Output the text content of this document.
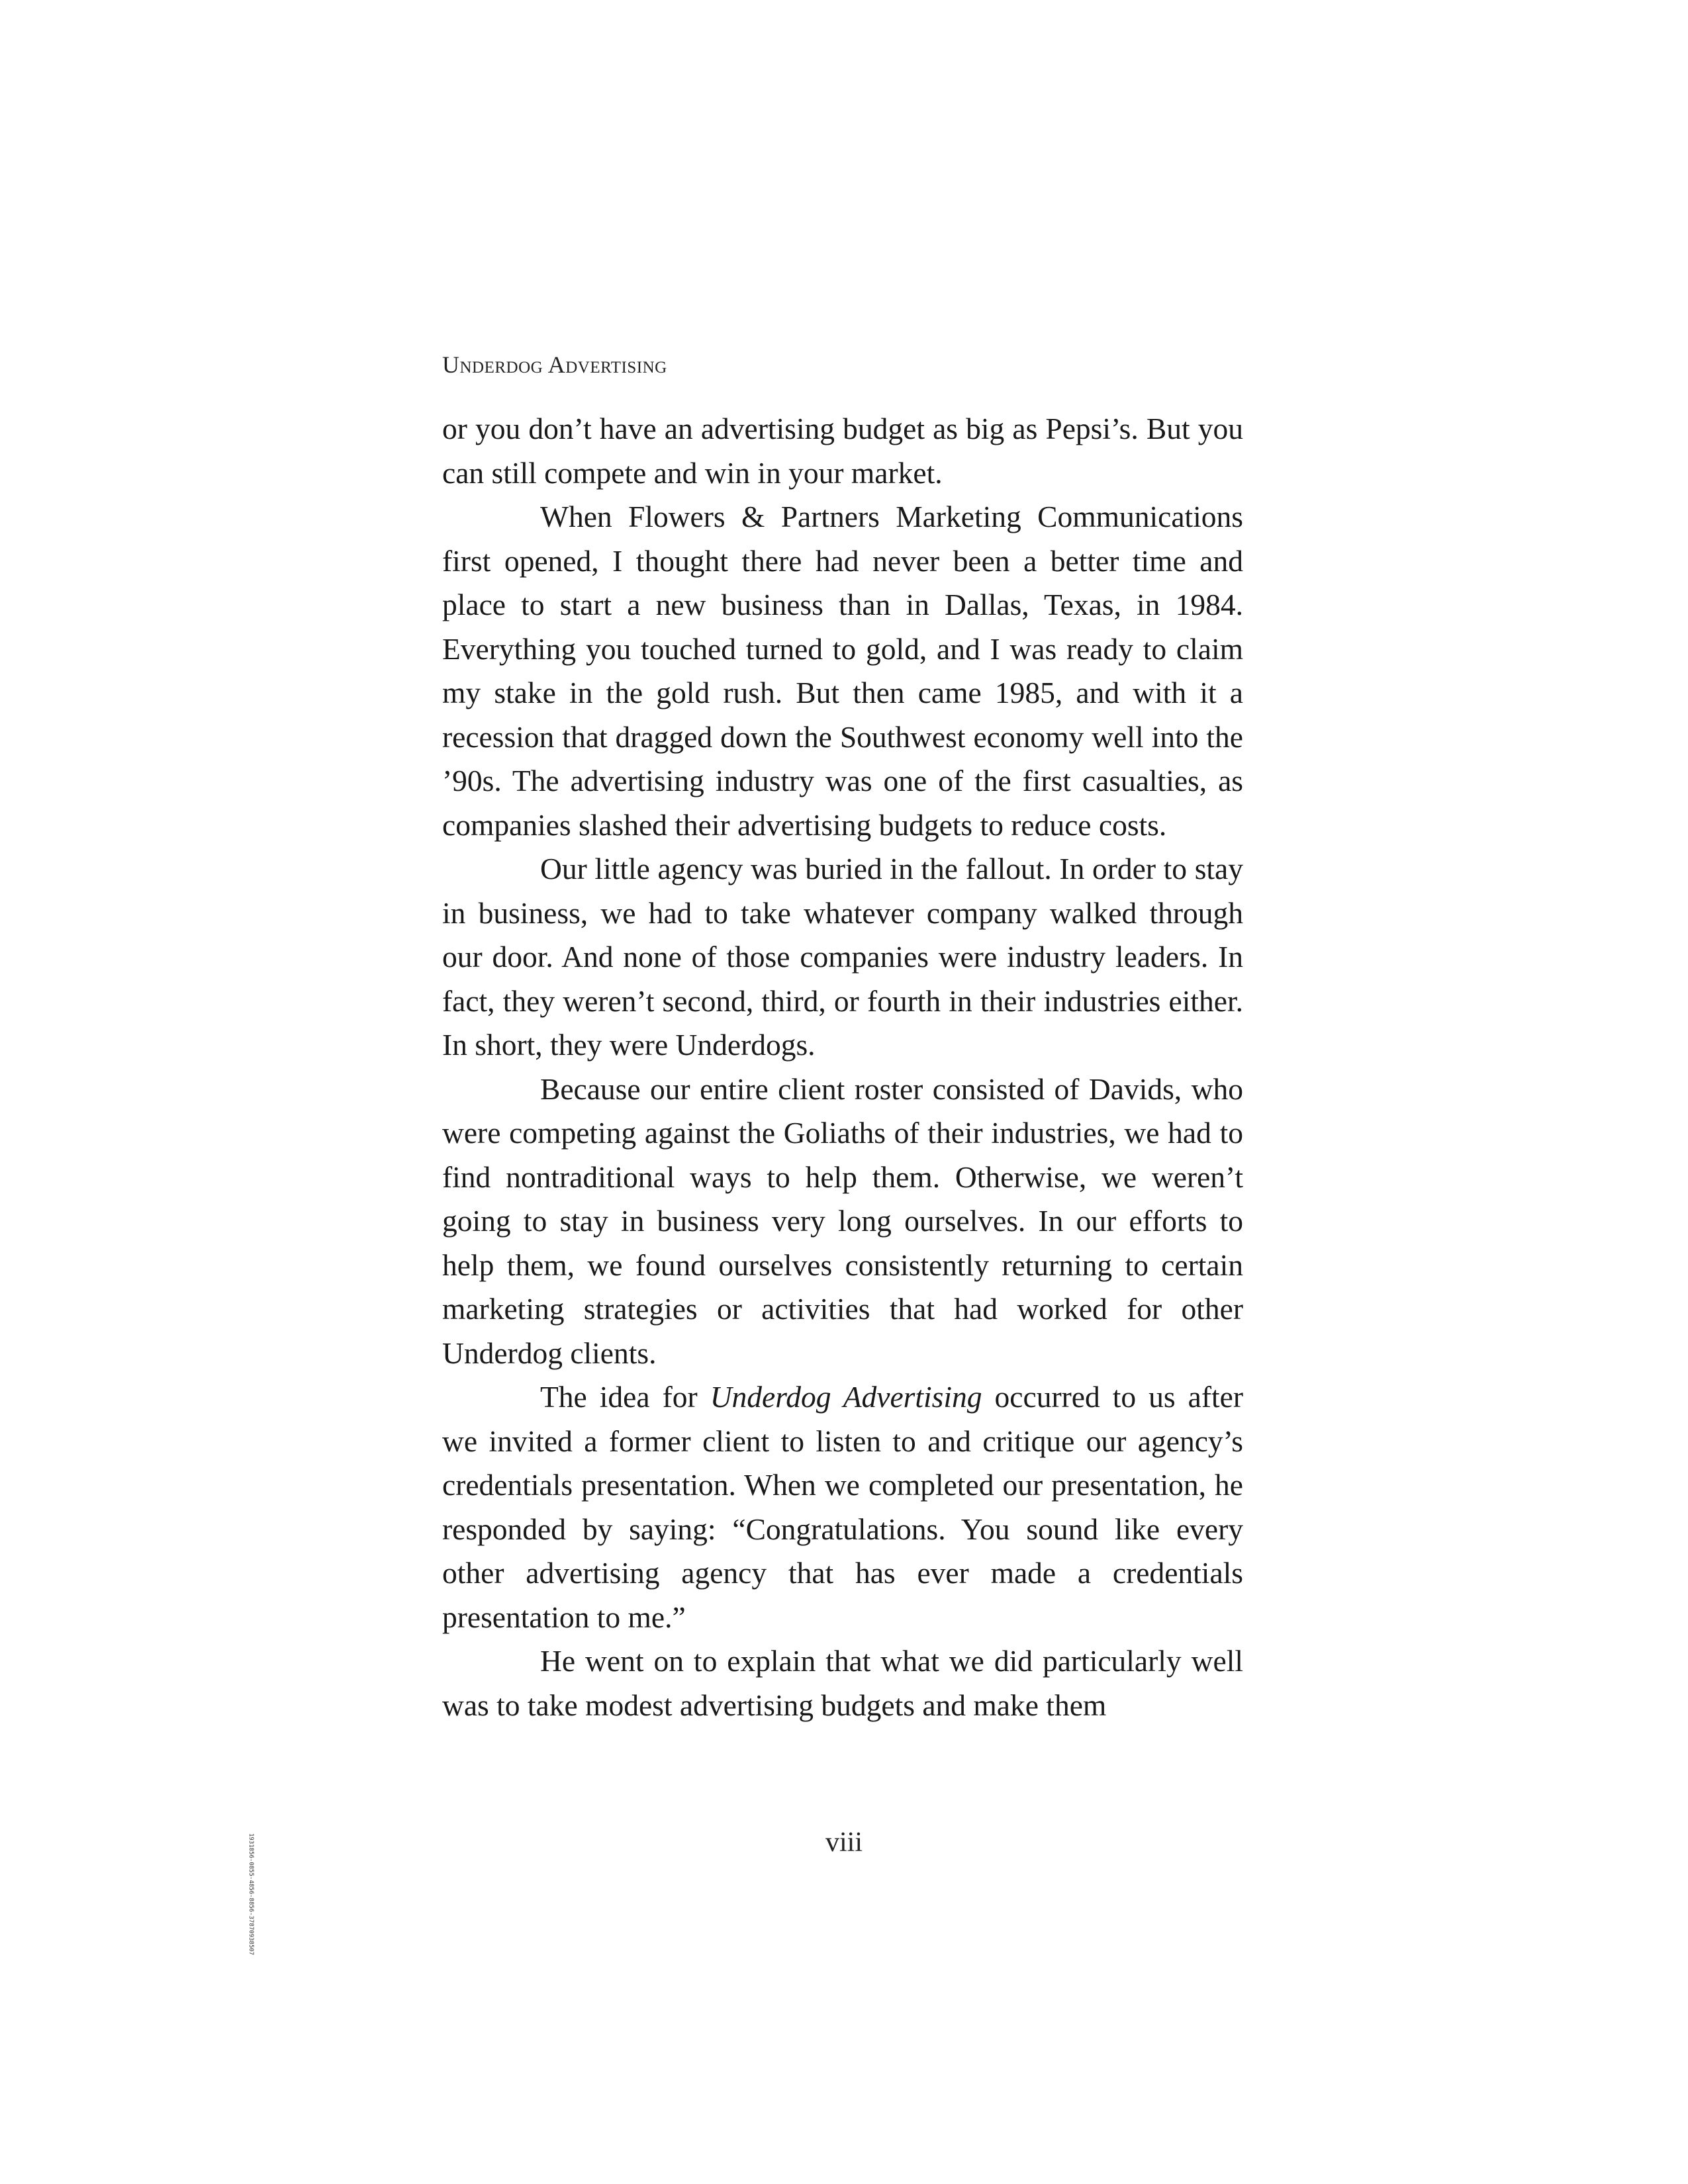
Underdog Advertising

or you don’t have an advertising budget as big as Pepsi’s. But you can still compete and win in your market.

When Flowers & Partners Marketing Communications first opened, I thought there had never been a better time and place to start a new business than in Dallas, Texas, in 1984. Everything you touched turned to gold, and I was ready to claim my stake in the gold rush. But then came 1985, and with it a recession that dragged down the Southwest economy well into the ’90s. The advertising industry was one of the first casualties, as companies slashed their advertising budgets to reduce costs.

Our little agency was buried in the fallout. In order to stay in business, we had to take whatever company walked through our door. And none of those companies were industry leaders. In fact, they weren’t second, third, or fourth in their industries either. In short, they were Underdogs.

Because our entire client roster consisted of Davids, who were competing against the Goliaths of their industries, we had to find nontraditional ways to help them. Otherwise, we weren’t going to stay in business very long ourselves. In our efforts to help them, we found ourselves consistently returning to certain marketing strategies or activities that had worked for other Underdog clients.

The idea for Underdog Advertising occurred to us after we invited a former client to listen to and critique our agency’s credentials presentation. When we completed our presentation, he responded by saying: “Congratulations. You sound like every other advertising agency that has ever made a credentials presentation to me.”

He went on to explain that what we did particularly well was to take modest advertising budgets and make them

viii
1931856-0855-4856-8856-37870938507
